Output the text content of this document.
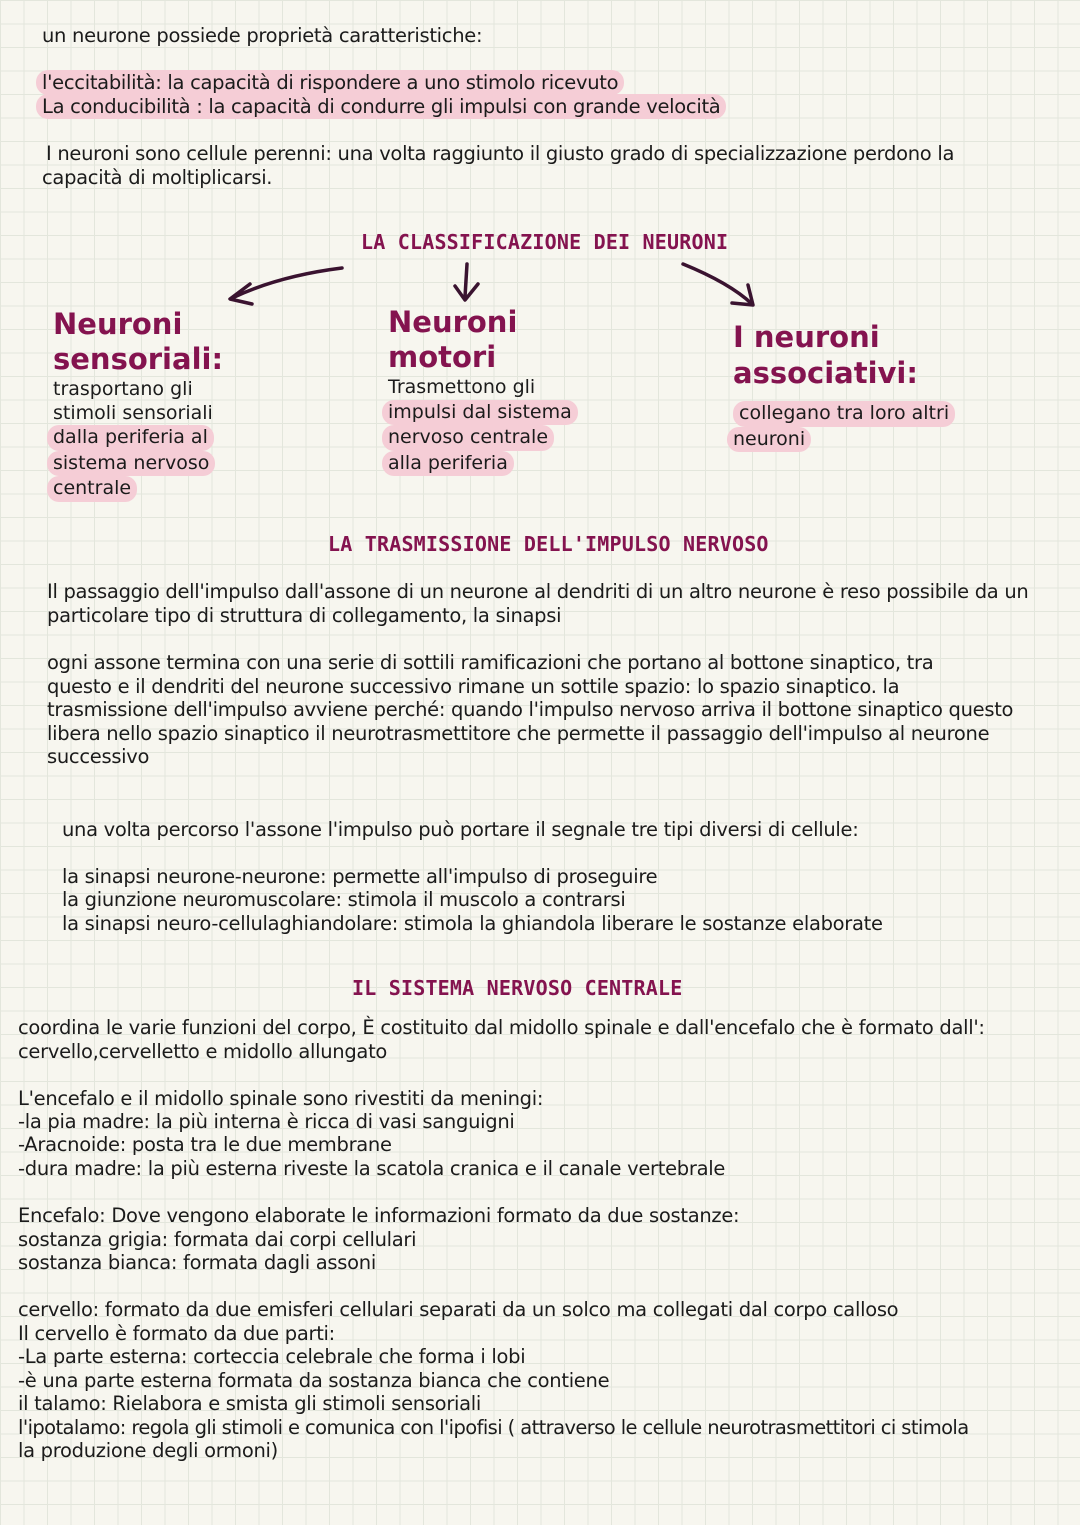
un neurone possiede proprietà caratteristiche:
l'eccitabilità: la capacità di rispondere a uno stimolo ricevuto
La conducibilità : la capacità di condurre gli impulsi con grande velocità
I neuroni sono cellule perenni: una volta raggiunto il giusto grado di specializzazione perdono la
capacità di moltiplicarsi.
LA CLASSIFICAZIONE DEI NEURONI
Neuroni
sensoriali:
trasportano gli
stimoli sensoriali
dalla periferia al
sistema nervoso
centrale
Neuroni
motori
Trasmettono gli
impulsi dal sistema
nervoso centrale
alla periferia
I neuroni
associativi:
collegano tra loro altri
neuroni
LA TRASMISSIONE DELL'IMPULSO NERVOSO
Il passaggio dell'impulso dall'assone di un neurone al dendriti di un altro neurone è reso possibile da un
particolare tipo di struttura di collegamento, la sinapsi
ogni assone termina con una serie di sottili ramificazioni che portano al bottone sinaptico, tra
questo e il dendriti del neurone successivo rimane un sottile spazio: lo spazio sinaptico. la
trasmissione dell'impulso avviene perché: quando l'impulso nervoso arriva il bottone sinaptico questo
libera nello spazio sinaptico il neurotrasmettitore che permette il passaggio dell'impulso al neurone
successivo
una volta percorso l'assone l'impulso può portare il segnale tre tipi diversi di cellule:
la sinapsi neurone-neurone: permette all'impulso di proseguire
la giunzione neuromuscolare: stimola il muscolo a contrarsi
la sinapsi neuro-cellulaghiandolare: stimola la ghiandola liberare le sostanze elaborate
IL SISTEMA NERVOSO CENTRALE
coordina le varie funzioni del corpo, È costituito dal midollo spinale e dall'encefalo che è formato dall':
cervello,cervelletto e midollo allungato
L'encefalo e il midollo spinale sono rivestiti da meningi:
-la pia madre: la più interna è ricca di vasi sanguigni
-Aracnoide: posta tra le due membrane
-dura madre: la più esterna riveste la scatola cranica e il canale vertebrale
Encefalo: Dove vengono elaborate le informazioni formato da due sostanze:
sostanza grigia: formata dai corpi cellulari
sostanza bianca: formata dagli assoni
cervello: formato da due emisferi cellulari separati da un solco ma collegati dal corpo calloso
Il cervello è formato da due parti:
-La parte esterna: corteccia celebrale che forma i lobi
-è una parte esterna formata da sostanza bianca che contiene
il talamo: Rielabora e smista gli stimoli sensoriali
l'ipotalamo: regola gli stimoli e comunica con l'ipofisi ( attraverso le cellule neurotrasmettitori ci stimola
la produzione degli ormoni)
